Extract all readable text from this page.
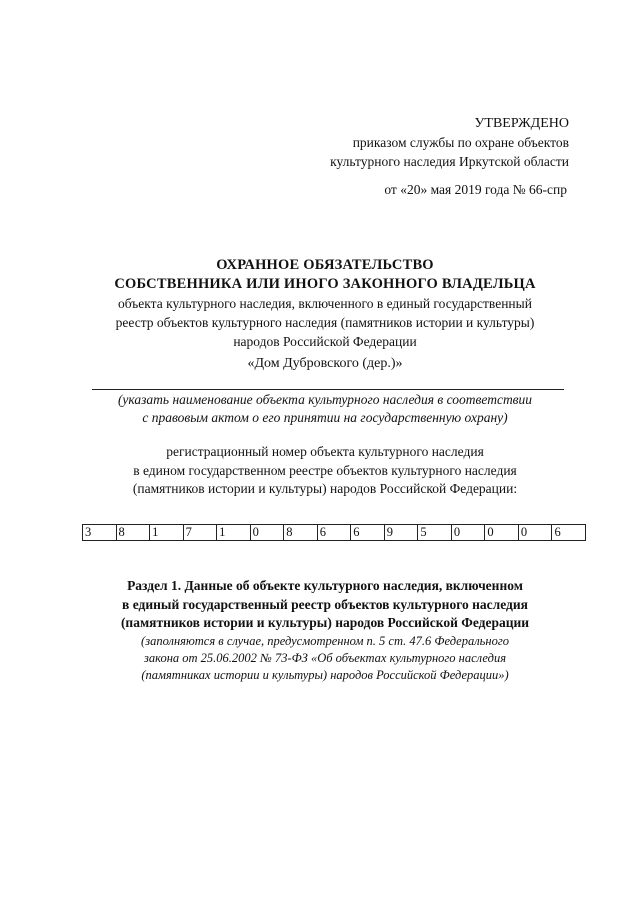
УТВЕРЖДЕНО
приказом службы по охране объектов
культурного наследия Иркутской области
от «20» мая 2019 года № 66-спр
ОХРАННОЕ ОБЯЗАТЕЛЬСТВО
СОБСТВЕННИКА ИЛИ ИНОГО ЗАКОННОГО ВЛАДЕЛЬЦА
объекта культурного наследия, включенного в единый государственный
реестр объектов культурного наследия (памятников истории и культуры)
народов Российской Федерации
«Дом Дубровского (дер.)»
(указать наименование объекта культурного наследия в соответствии
с правовым актом о его принятии на государственную охрану)
регистрационный номер объекта культурного наследия
в едином государственном реестре объектов культурного наследия
(памятников истории и культуры) народов Российской Федерации:
3	8	1	7	1	0	8	6	6	9	5	0	0	0	6
Раздел 1. Данные об объекте культурного наследия, включенном
в единый государственный реестр объектов культурного наследия
(памятников истории и культуры) народов Российской Федерации
(заполняются в случае, предусмотренном п. 5 ст. 47.6 Федерального
закона от 25.06.2002 № 73-ФЗ «Об объектах культурного наследия
(памятниках истории и культуры) народов Российской Федерации»)
